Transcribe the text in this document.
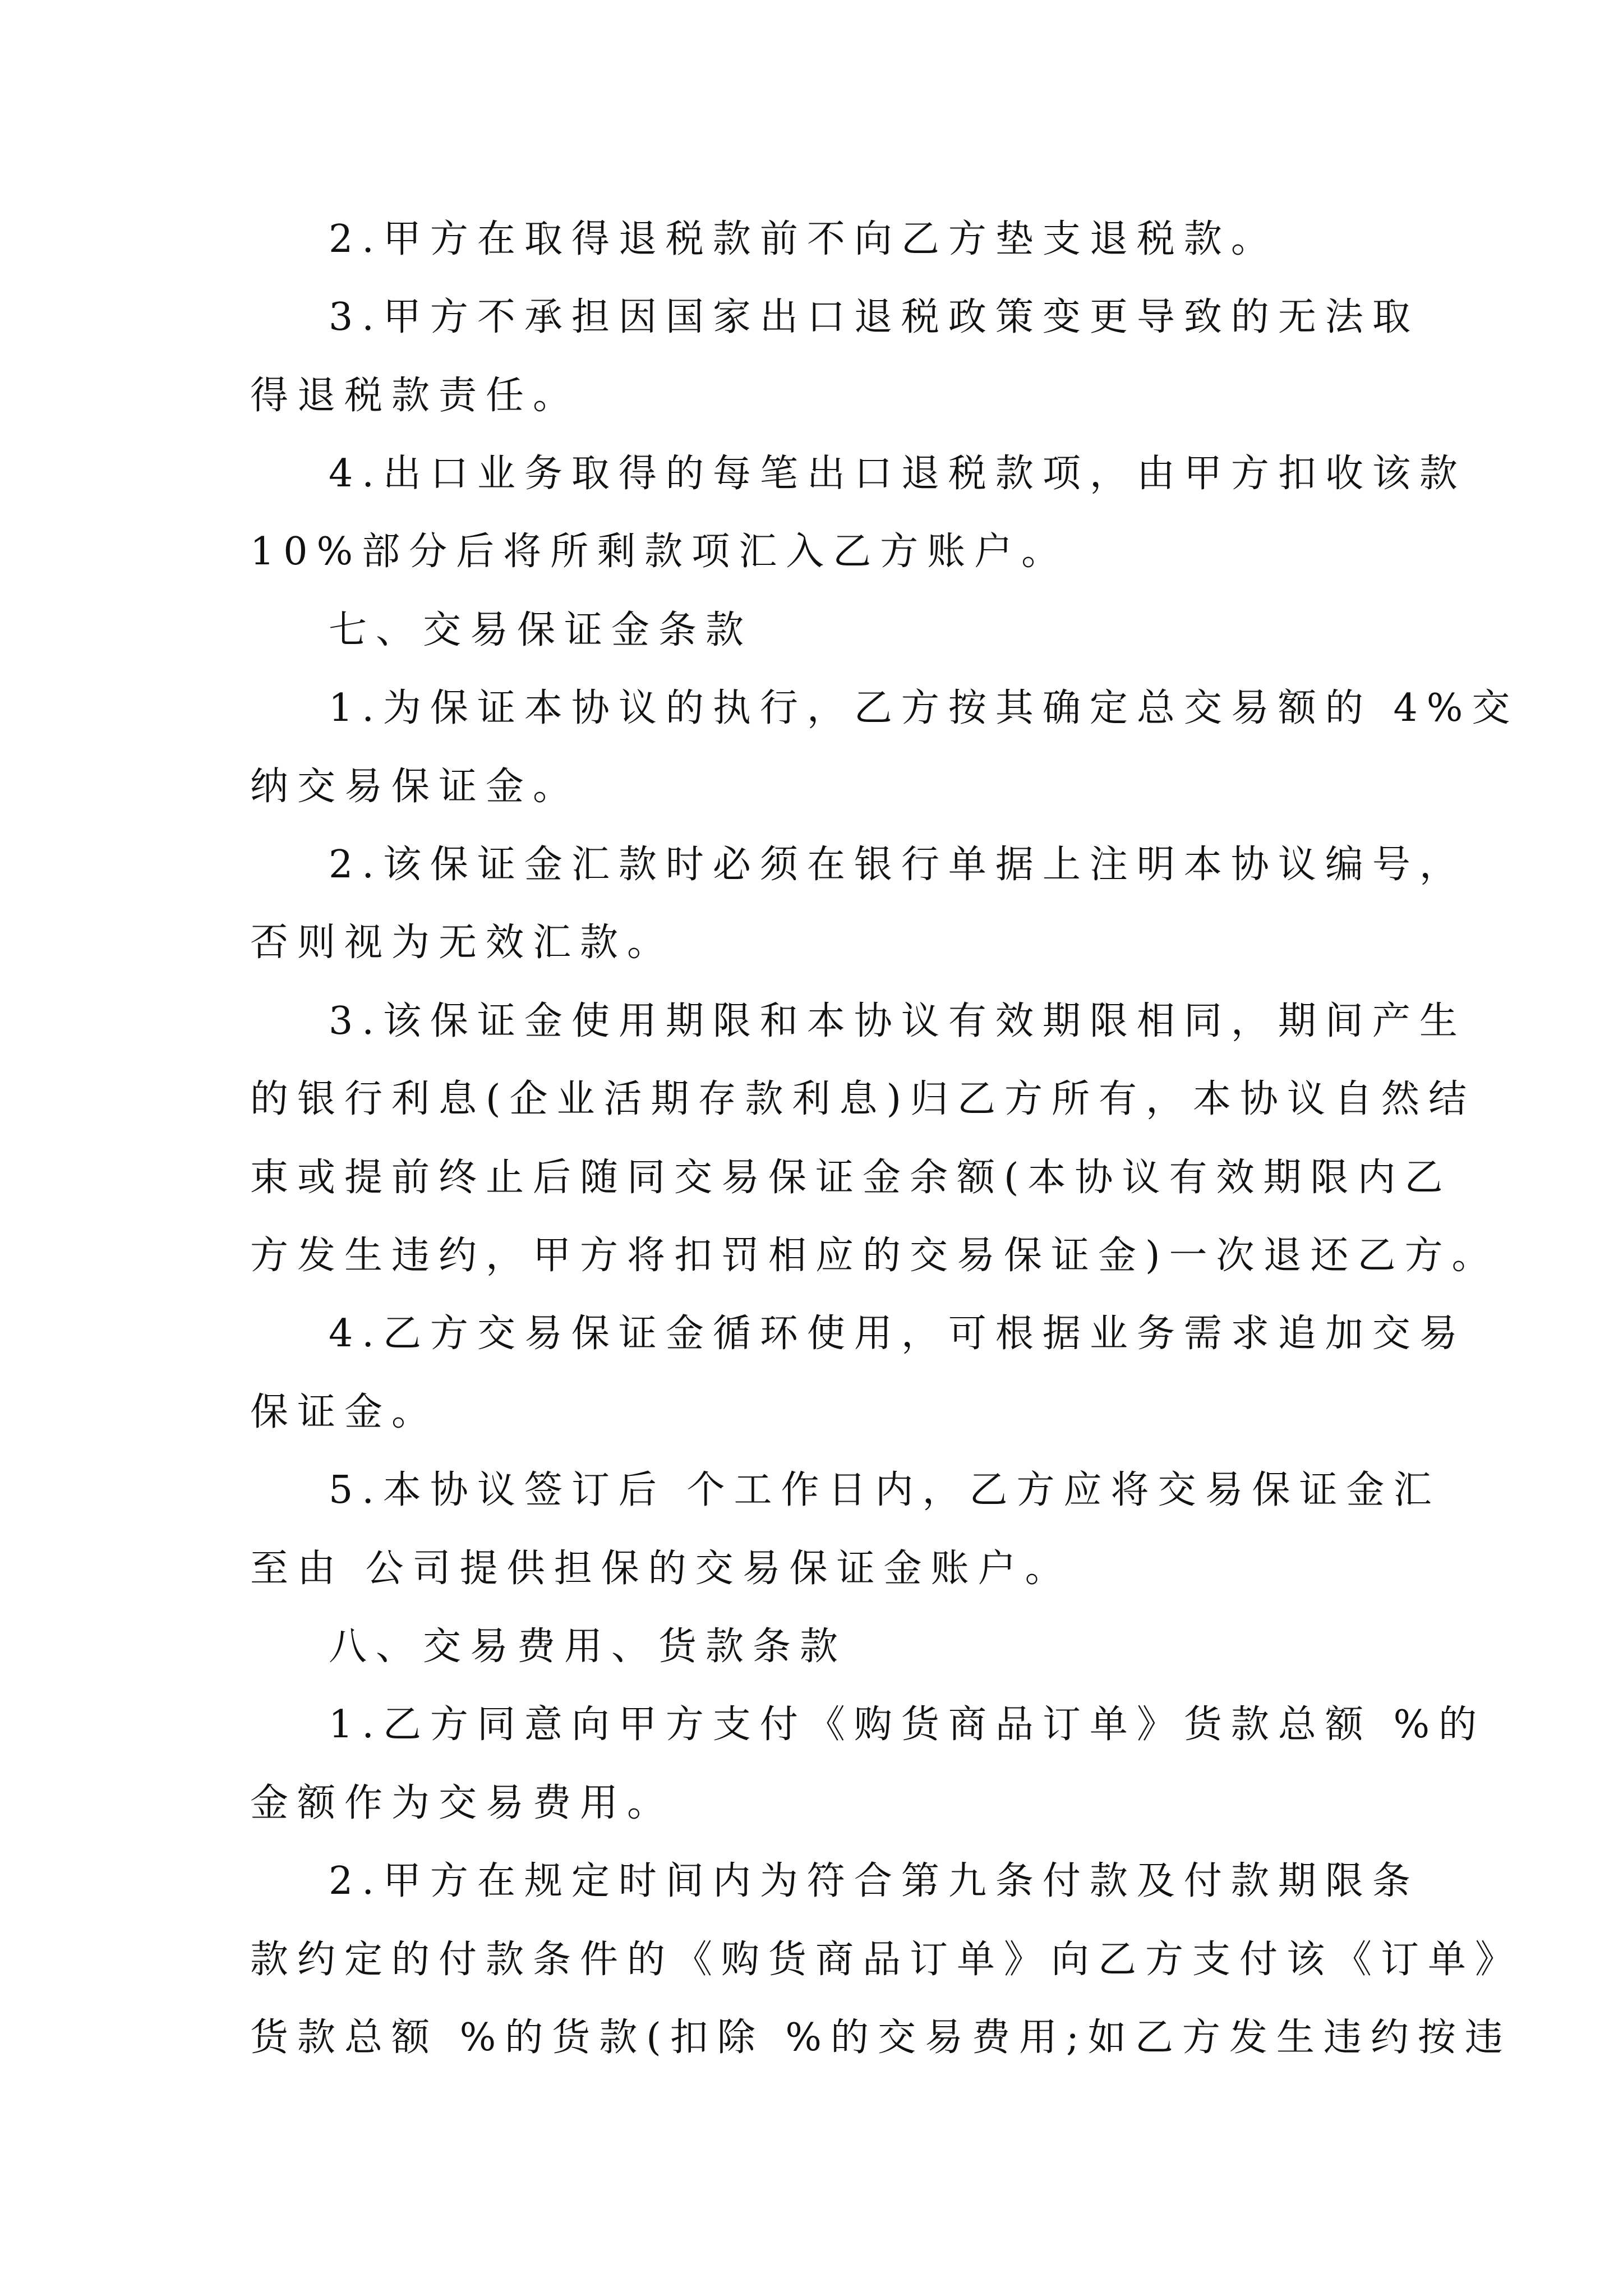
2.甲方在取得退税款前不向乙方垫支退税款。
3.甲方不承担因国家出口退税政策变更导致的无法取
得退税款责任。
4.出口业务取得的每笔出口退税款项，由甲方扣收该款
10%部分后将所剩款项汇入乙方账户。
七、交易保证金条款
1.为保证本协议的执行，乙方按其确定总交易额的 4%交
纳交易保证金。
2.该保证金汇款时必须在银行单据上注明本协议编号，
否则视为无效汇款。
3.该保证金使用期限和本协议有效期限相同，期间产生
的银行利息(企业活期存款利息)归乙方所有，本协议自然结
束或提前终止后随同交易保证金余额(本协议有效期限内乙
方发生违约，甲方将扣罚相应的交易保证金)一次退还乙方。
4.乙方交易保证金循环使用，可根据业务需求追加交易
保证金。
5.本协议签订后 个工作日内，乙方应将交易保证金汇
至由 公司提供担保的交易保证金账户。
八、交易费用、货款条款
1.乙方同意向甲方支付《购货商品订单》货款总额 %的
金额作为交易费用。
2.甲方在规定时间内为符合第九条付款及付款期限条
款约定的付款条件的《购货商品订单》向乙方支付该《订单》
货款总额 %的货款(扣除 %的交易费用;如乙方发生违约按违
